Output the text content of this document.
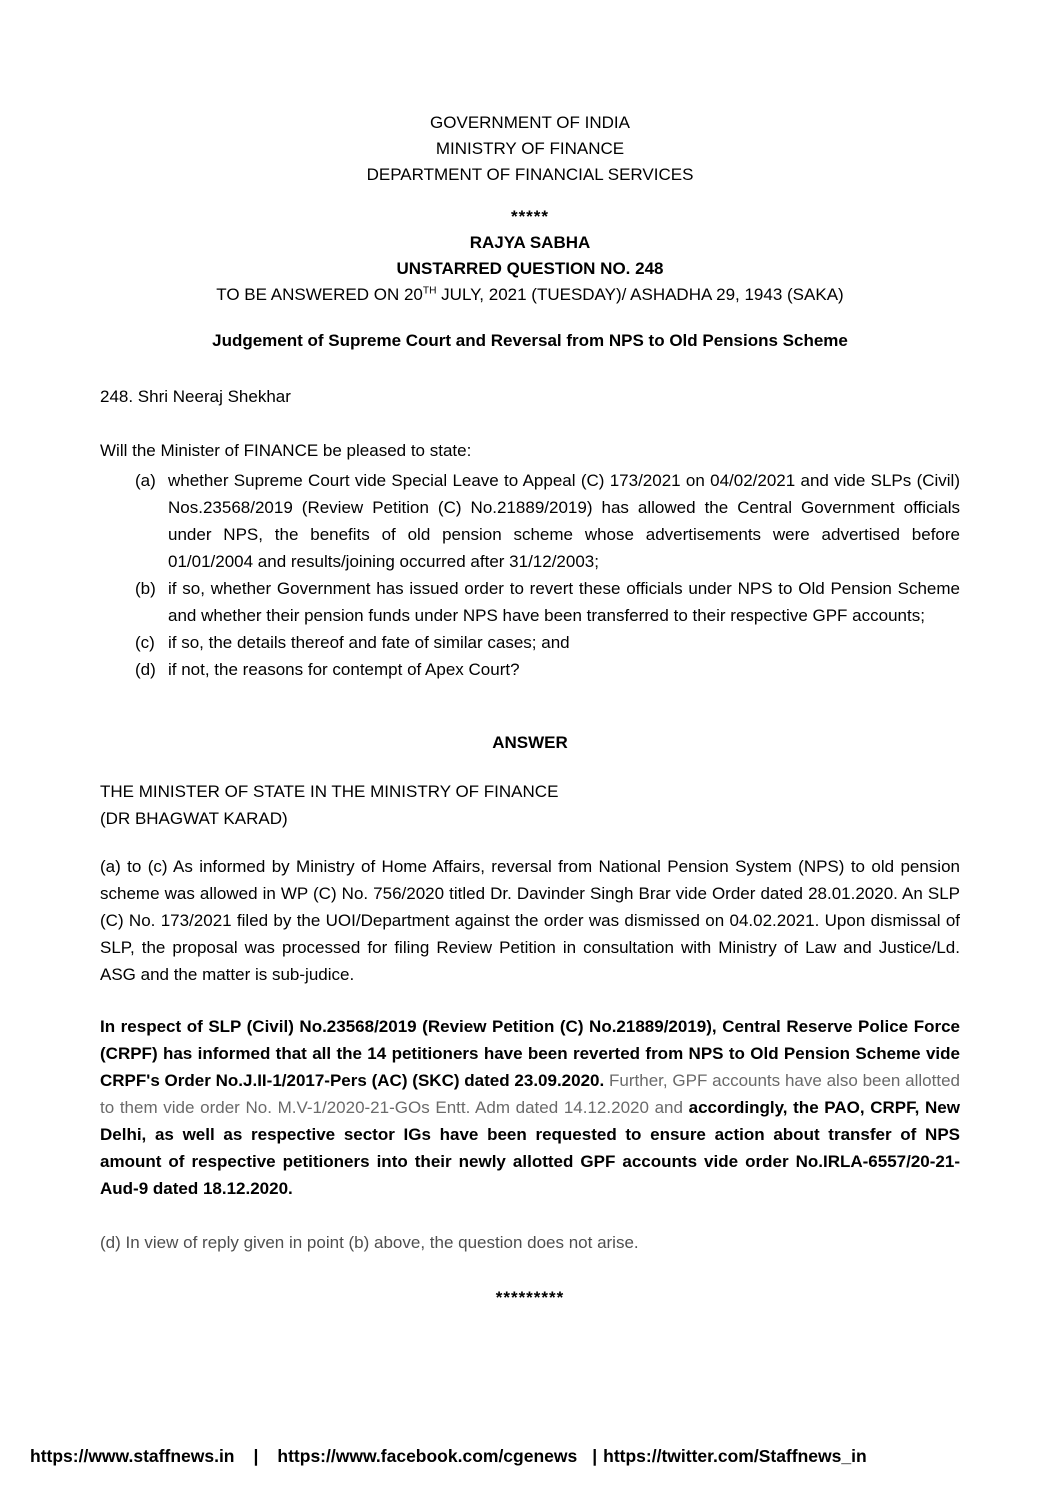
GOVERNMENT OF INDIA
MINISTRY OF FINANCE
DEPARTMENT OF FINANCIAL SERVICES
*****
RAJYA SABHA
UNSTARRED QUESTION NO. 248
TO BE ANSWERED ON 20TH JULY, 2021 (TUESDAY)/ ASHADHA 29, 1943 (SAKA)
Judgement of Supreme Court and Reversal from NPS to Old Pensions Scheme
248. Shri Neeraj Shekhar
Will the Minister of FINANCE be pleased to state:
(a) whether Supreme Court vide Special Leave to Appeal (C) 173/2021 on 04/02/2021 and vide SLPs (Civil) Nos.23568/2019 (Review Petition (C) No.21889/2019) has allowed the Central Government officials under NPS, the benefits of old pension scheme whose advertisements were advertised before 01/01/2004 and results/joining occurred after 31/12/2003;
(b) if so, whether Government has issued order to revert these officials under NPS to Old Pension Scheme and whether their pension funds under NPS have been transferred to their respective GPF accounts;
(c) if so, the details thereof and fate of similar cases; and
(d) if not, the reasons for contempt of Apex Court?
ANSWER
THE MINISTER OF STATE IN THE MINISTRY OF FINANCE
(DR BHAGWAT KARAD)
(a) to (c) As informed by Ministry of Home Affairs, reversal from National Pension System (NPS) to old pension scheme was allowed in WP (C) No. 756/2020 titled Dr. Davinder Singh Brar vide Order dated 28.01.2020. An SLP (C) No. 173/2021 filed by the UOI/Department against the order was dismissed on 04.02.2021. Upon dismissal of SLP, the proposal was processed for filing Review Petition in consultation with Ministry of Law and Justice/Ld. ASG and the matter is sub-judice.
In respect of SLP (Civil) No.23568/2019 (Review Petition (C) No.21889/2019), Central Reserve Police Force (CRPF) has informed that all the 14 petitioners have been reverted from NPS to Old Pension Scheme vide CRPF's Order No.J.II-1/2017-Pers (AC) (SKC) dated 23.09.2020. Further, GPF accounts have also been allotted to them vide order No. M.V-1/2020-21-GOs Entt. Adm dated 14.12.2020 and accordingly, the PAO, CRPF, New Delhi, as well as respective sector IGs have been requested to ensure action about transfer of NPS amount of respective petitioners into their newly allotted GPF accounts vide order No.IRLA-6557/20-21-Aud-9 dated 18.12.2020.
(d) In view of reply given in point (b) above, the question does not arise.
*********
https://www.staffnews.in | https://www.facebook.com/cgenews | https://twitter.com/Staffnews_in
